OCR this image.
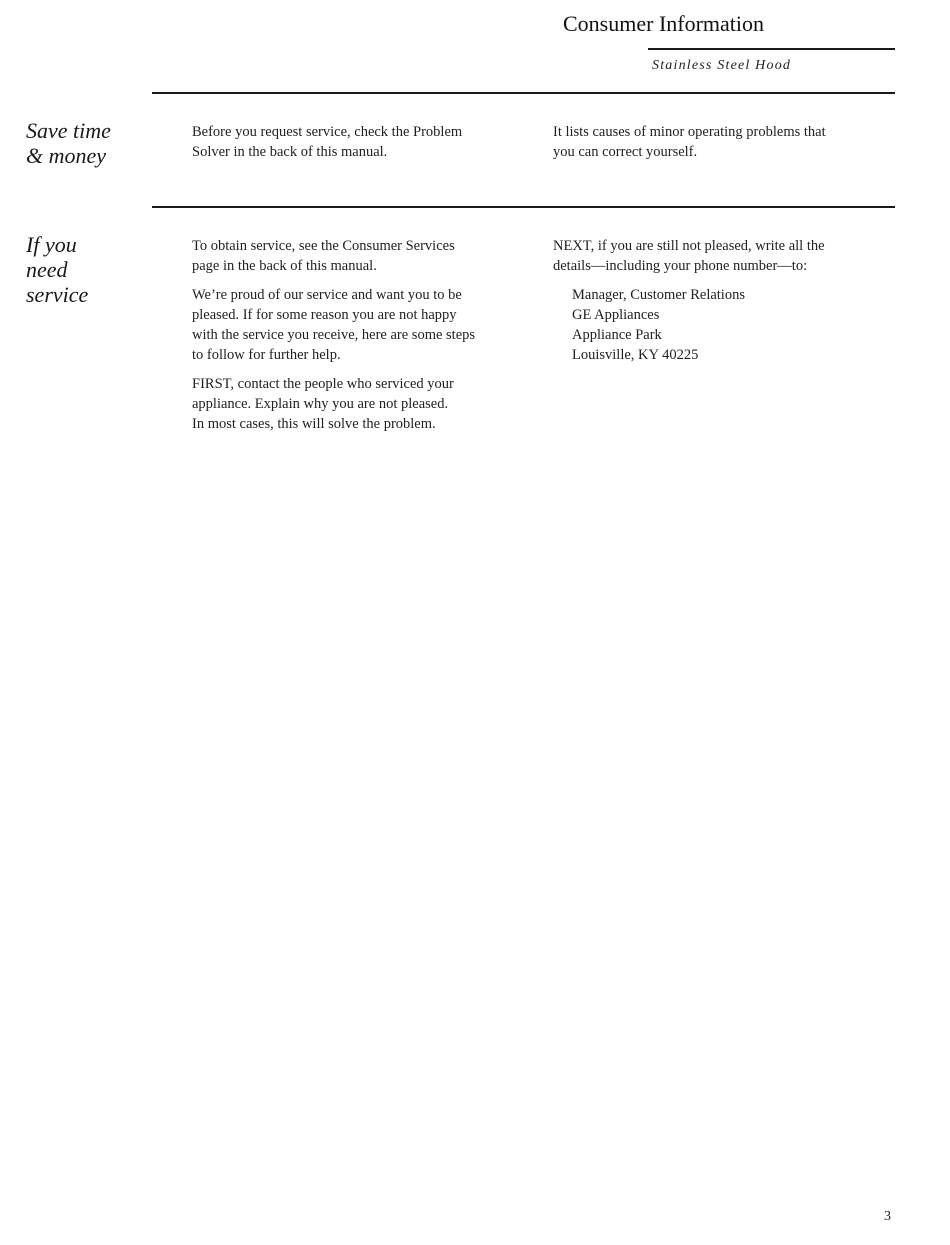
Consumer Information
Stainless Steel Hood
Save time
& money

Before you request service, check the Problem
Solver in the back of this manual.

It lists causes of minor operating problems that
you can correct yourself.

If you
need
service

To obtain service, see the Consumer Services
page in the back of this manual.

We’re proud of our service and want you to be
pleased. If for some reason you are not happy
with the service you receive, here are some steps
to follow for further help.

FIRST, contact the people who serviced your
appliance. Explain why you are not pleased.
In most cases, this will solve the problem.

NEXT, if you are still not pleased, write all the
details—including your phone number—to:

Manager, Customer Relations
GE Appliances
Appliance Park
Louisville, KY 40225
3
